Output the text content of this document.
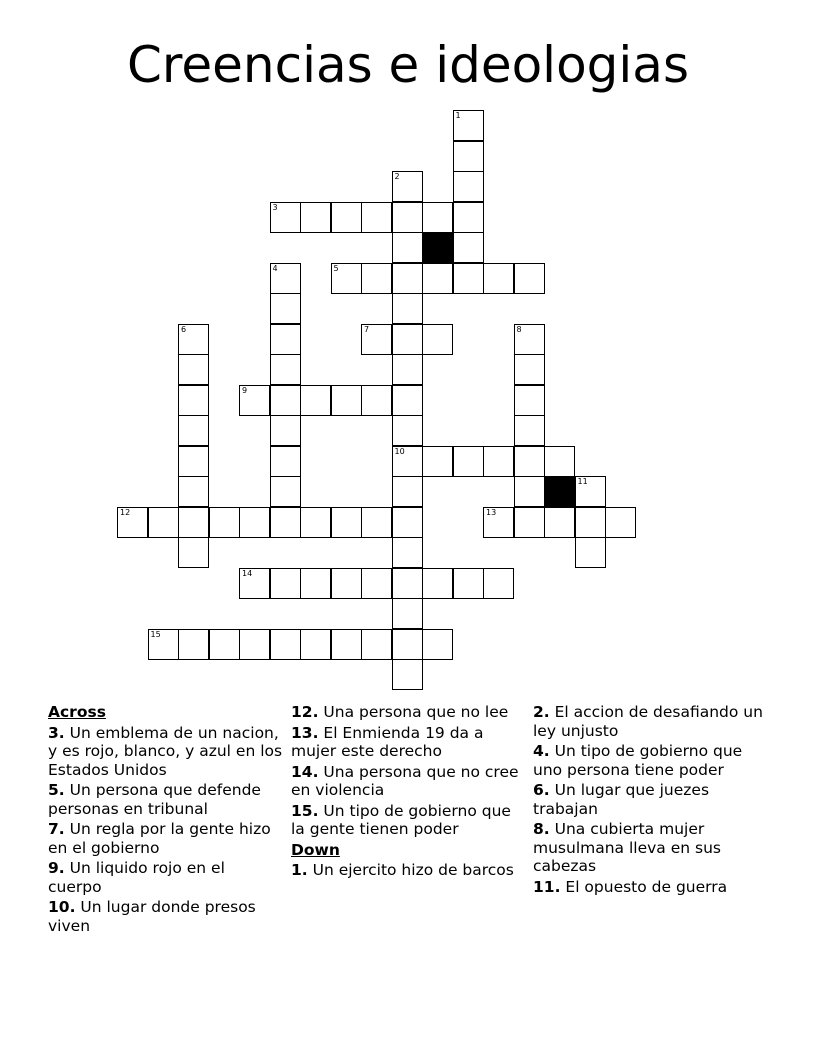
Creencias e ideologias
1
2
10
3
4	5
6	7	8
9
11
12	13
14
15
Across
3. Un emblema de un nacion, y es rojo, blanco, y azul en los Estados Unidos
5. Un persona que defende personas en tribunal
7. Un regla por la gente hizo en el gobierno
9. Un liquido rojo en el cuerpo
10. Un lugar donde presos viven
12. Una persona que no lee
13. El Enmienda 19 da a mujer este derecho
14. Una persona que no cree en violencia
15. Un tipo de gobierno que la gente tienen poder
Down
1. Un ejercito hizo de barcos
2. El accion de desafiando un ley unjusto
4. Un tipo de gobierno que uno persona tiene poder
6. Un lugar que juezes trabajan
8. Una cubierta mujer musulmana lleva en sus cabezas
11. El opuesto de guerra
